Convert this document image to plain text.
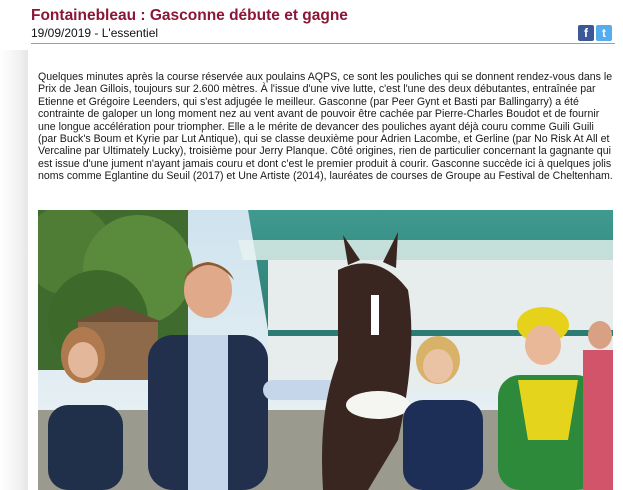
Fontainebleau : Gasconne débute et gagne
19/09/2019 - L'essentiel	f	t

Quelques minutes après la course réservée aux poulains AQPS, ce sont les pouliches qui se donnent rendez-vous dans le Prix de Jean Gillois, toujours sur 2.600 mètres. À l'issue d'une vive lutte, c'est l'une des deux débutantes, entraînée par Etienne et Grégoire Leenders, qui s'est adjugée le meilleur. Gasconne (par Peer Gynt et Basti par Ballingarry) a été contrainte de galoper un long moment nez au vent avant de pouvoir être cachée par Pierre-Charles Boudot et de fournir une longue accélération pour triompher. Elle a le mérite de devancer des pouliches ayant déjà couru comme Guili Guili (par Buck's Boum et Kyrie par Lut Antique), qui se classe deuxième pour Adrien Lacombe, et Gerline (par No Risk At All et Vercaline par Ultimately Lucky), troisième pour Jerry Planque. Côté origines, rien de particulier concernant la gagnante qui est issue d'une jument n'ayant jamais couru et dont c'est le premier produit à courir. Gasconne succède ici à quelques jolis noms comme Eglantine du Seuil (2017) et Une Artiste (2014), lauréates de courses de Groupe au Festival de Cheltenham.
